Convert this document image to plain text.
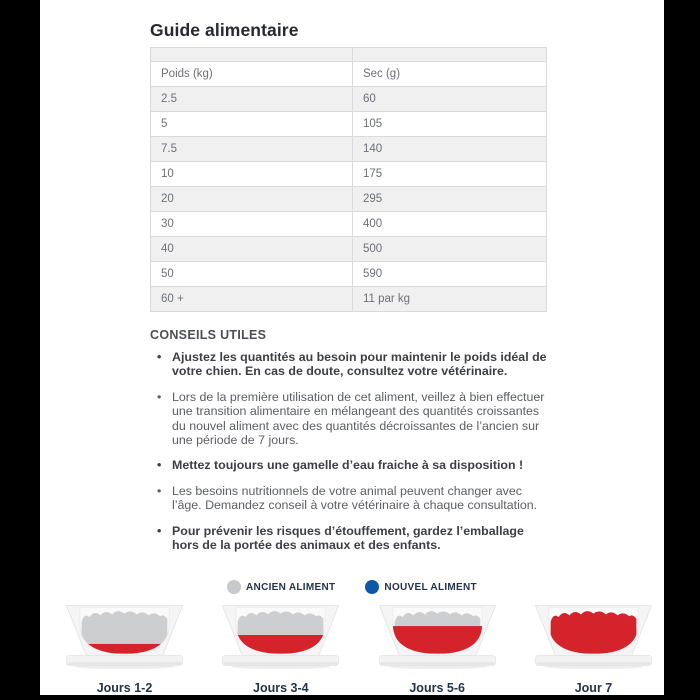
Guide alimentaire

Poids (kg)	Sec (g)
2.5	60
5	105
7.5	140
10	175
20	295
30	400
40	500
50	590
60 +	11 par kg
CONSEILS UTILES
• Ajustez les quantités au besoin pour maintenir le poids idéal de votre chien. En cas de doute, consultez votre vétérinaire.
• Lors de la première utilisation de cet aliment, veillez à bien effectuer une transition alimentaire en mélangeant des quantités croissantes du nouvel aliment avec des quantités décroissantes de l’ancien sur une période de 7 jours.
• Mettez toujours une gamelle d’eau fraiche à sa disposition !
• Les besoins nutritionnels de votre animal peuvent changer avec l’âge. Demandez conseil à votre vétérinaire à chaque consultation.
• Pour prévenir les risques d’étouffement, gardez l’emballage hors de la portée des animaux et des enfants.
ANCIEN ALIMENT	NOUVEL ALIMENT
Jours 1-2	Jours 3-4	Jours 5-6	Jour 7
